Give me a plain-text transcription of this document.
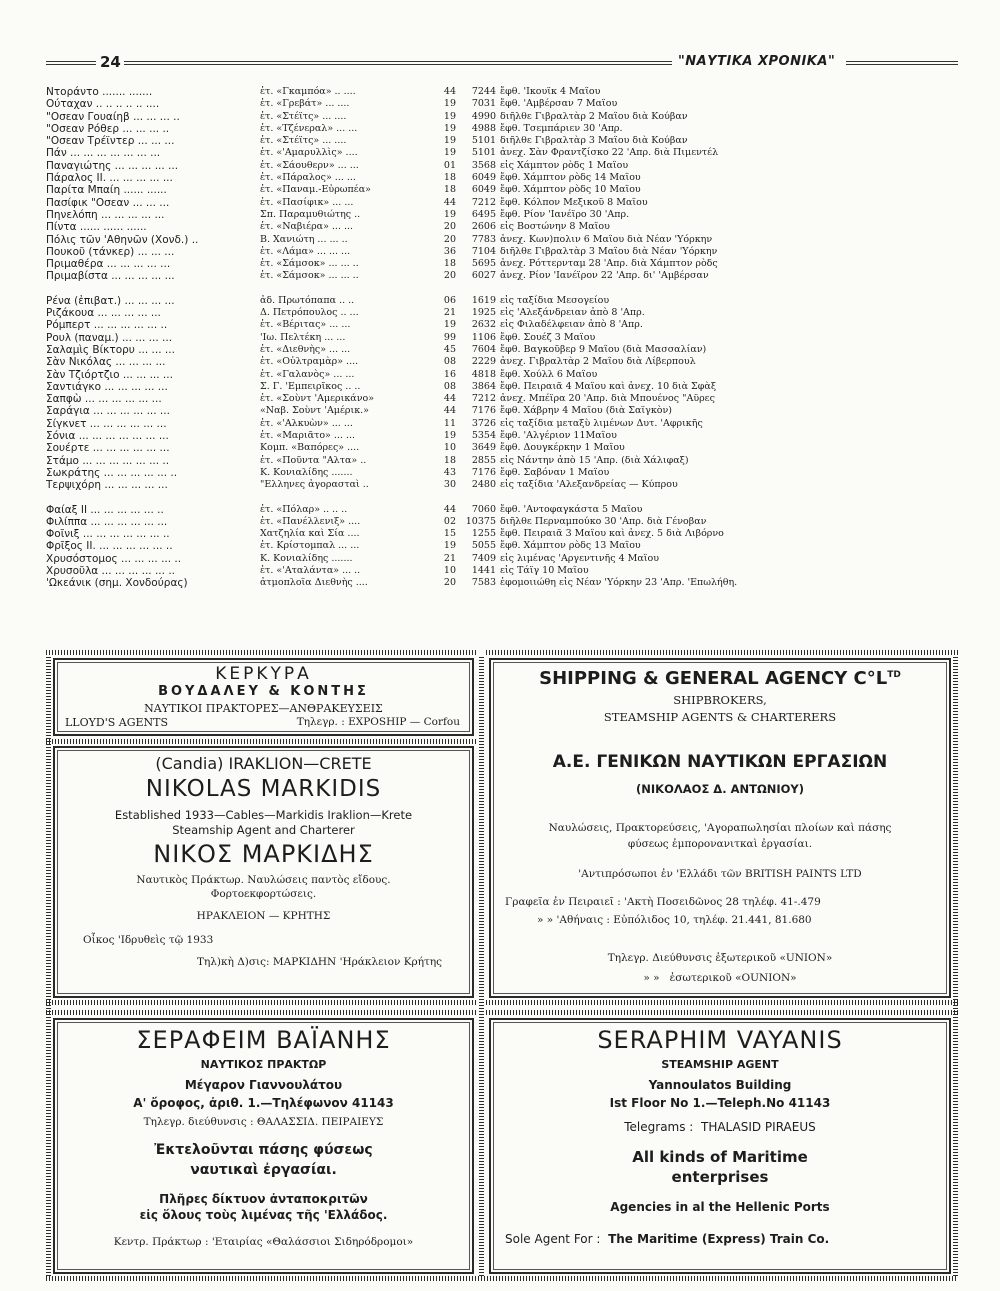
24	"ΝΑΥΤΙΚΑ ΧΡΟΝΙΚΑ"
Ντοράντο ....... .......	ἐτ. «Γκαμπόα» .. ....	44	7244 ἔφθ. 'Ικουϊκ 4 Μαΐου
Ούταχαν .. .. .. .. .. ....	ἐτ. «Γρεβάτ» ... ....	19	7031 ἔφθ. 'Αμβέρσαν 7 Μαΐου
"Οσεαν Γουαίηβ ... ... ... ..	ἐτ. «Στέϊτς» ... ....	19	4990 διῆλθε Γιβραλτὰρ 2 Μαΐου διὰ Κούβαν
"Οσεαν Ρόθερ ... ... ... ..	ἐτ. «Τζένεραλ» ... ...	19	4988 ἔφθ. Τσεμπάριεν 30 'Απρ.
"Οσεαν Τρέϊντερ ... ... ...	ἐτ. «Στέϊτς» ... ....	19	5101 διῆλθε Γιβραλτὰρ 3 Μαΐου διὰ Κούβαν
Πάν ... ... ... ... ... ... ...	ἐτ. «'Αμαρυλλὶς» ....	19	5101 ἀνεχ. Σὰν Φραντζίσκο 22 'Απρ. διὰ Πιμεντέλ
Παναγιώτης ... ... ... ... ...	ἐτ. «Σάουθερν» ... ...	01	3568 εἰς Χάμπτον ρὸδς 1 Μαΐου
Πάραλος ΙΙ. ... ... ... ... ...	ἐτ. «Πάραλος» ... ...	18	6049 ἔφθ. Χάμπτον ρὸδς 14 Μαΐου
Παρίτα Μπαίη ...... ......	ἐτ. «Παναμ.-Εὐρωπέα»	18	6049 ἔφθ. Χάμπτον ρὸδς 10 Μαΐου
Πασίφικ "Οσεαν ... ... ...	ἐτ. «Πασίφικ» ... ...	44	7212 ἔφθ. Κόλπον Μεξικοῦ 8 Μαΐου
Πηνελόπη ... ... ... ... ...	Σπ. Παραμυθιώτης ..	19	6495 ἔφθ. Ρίον 'Ιανέϊρο 30 'Απρ.
Πίντα ...... ...... ......	ἐτ. «Ναβιέρα» ... ...	20	2606 εἰς Βοστώνην 8 Μαΐου
Πόλις τῶν 'Αθηνῶν (Χονδ.) ..	Β. Χανιώτη ... ... ..	20	7783 ἀνεχ. Κων)πολιν 6 Μαΐου διὰ Νέαν 'Υόρκην
Πουκοῦ (τάνκερ) ... ... ...	ἐτ. «Λάμα» ... ... ...	36	7104 διῆλθε Γιβραλτὰρ 3 Μαΐου διὰ Νέαν 'Υόρκην
Πριμαθέρα ... ... ... ... ...	ἐτ. «Σάμσοκ» ... ... ..	18	5695 ἀνεχ. Ρόττερνταμ 28 'Απρ. διὰ Χάμπτον ρὸδς
Πριμαβίστα ... ... ... ... ...	ἐτ. «Σάμσοκ» ... ... ..	20	6027 ἀνεχ. Ρίον 'Ιανέϊρον 22 'Απρ. δι' 'Αμβέρσαν
Ρένα (ἐπιβατ.) ... ... ... ...	ἀδ. Πρωτόπαπα .. ..	06	1619 εἰς ταξίδια Μεσογείου
Ριζάκουα ... ... ... ... ...	Δ. Πετρόπουλος .. ...	21	1925 εἰς 'Αλεξάνδρειαν ἀπὸ 8 'Απρ.
Ρόμπερτ ... ... ... ... ... ..	ἐτ. «Βέριτας» ... ...	19	2632 εἰς Φιλαδέλφειαν ἀπὸ 8 'Απρ.
Ρουλ (παναμ.) ... ... ... ...	'Ιω. Πελτέκη ... ...	99	1106 ἔφθ. Σουέζ 3 Μαΐου
Σαλαμὶς Βίκτορυ ... ... ...	ἐτ. «Διεθνὴς» ... ...	45	7604 ἔφθ. Βαγκοῦβερ 9 Μαΐου (διὰ Μασσαλίαν)
Σὰν Νικόλας ... ... ... ...	ἐτ. «Οὐλτραμὰρ» ....	08	2229 ἀνεχ. Γιβραλτὰρ 2 Μαΐου διὰ Λίβερπουλ
Σὰν Τζιόρτζιο ... ... ... ...	ἐτ. «Γαλανὸς» ... ...	16	4818 ἔφθ. Χούλλ 6 Μαΐου
Σαντιάγκο ... ... ... ... ...	Σ. Γ. 'Εμπειρῖκος .. ..	08	3864 ἔφθ. Πειραιᾶ 4 Μαΐου καὶ ἀνεχ. 10 διὰ Σφὰξ
Σαπφὼ ... ... ... ... ... ...	ἐτ. «Σοὺντ 'Αμερικάνο»	44	7212 ἀνεχ. Μπέϊρα 20 'Απρ. διὰ Μπουένος "Αϋρες
Σαράγια ... ... ... ... ... ...	«Ναβ. Σοὺντ 'Αμέρικ.»	44	7176 ἔφθ. Χάβρην 4 Μαΐου (διὰ Σαϊγκὸν)
Σίγκνετ ... ... ... ... ... ...	ἐτ. «'Αλκυὼν» ... ...	11	3726 εἰς ταξίδια μεταξὺ λιμένων Δυτ. 'Αφρικῆς
Σόνια ... ... ... ... ... ... ...	ἐτ. «Μαριᾶτο» ... ...	19	5354 ἔφθ. 'Αλγέριον 11Μαΐου
Σουέρτε ... ... ... ... ... ...	Κομπ. «Βαπόρες» ....	10	3649 ἔφθ. Δουγκέρκην 1 Μαΐου
Στάμο ... ... ... ... ... ... ..	ἐτ. «Ποῦντα "Αλτα» ..	18	2855 εἰς Νάντην ἀπὸ 15 'Απρ. (διὰ Χάλιφαξ)
Σωκράτης ... ... ... ... ... ..	Κ. Κονιαλίδης .......	43	7176 ἔφθ. Σαβόναν 1 Μαΐου
Τερψιχόρη ... ... ... ... ...	"Ελληνες ἀγορασταὶ ..	30	2480 εἰς ταξίδια 'Αλεξανδρείας — Κύπρου
Φαίαξ ΙΙ ... ... ... ... ... ..	ἐτ. «Πόλαρ» .. .. ..	44	7060 ἔφθ. 'Αντοφαγκάστα 5 Μαΐου
Φιλίππα ... ... ... ... ... ...	ἐτ. «Πανέλλενιξ» ....	02	10375 διῆλθε Περναμπούκο 30 'Απρ. διὰ Γένοβαν
Φοῖνιξ ... ... ... ... ... ... ..	Χατζηλία καὶ Σία ....	15	1255 ἔφθ. Πειραιᾶ 3 Μαΐου καὶ ἀνεχ. 5 διὰ Λιβόρνο
Φρῖξος ΙΙ. ... ... ... ... ... ..	ἐτ. Κρίστομπαλ ... ...	19	5055 ἔφθ. Χάμπτον ρὸδς 13 Μαΐου
Χρυσόστομος ... ... ... ... ..	Κ. Κονιαλίδης .......	21	7409 εἰς λιμένας 'Αργεντινῆς 4 Μαΐου
Χρυσοῦλα ... ... ... ... ... ..	ἐτ. «'Αταλάντα» ... ..	10	1441 εἰς Τάϊγ 10 Μαΐου
'Ωκεάνικ (σημ. Χονδούρας)	ἀτμοπλοΐα Διεθνὴς ....	20	7583 ἐφομοιιώθη εἰς Νέαν 'Υόρκην 23 'Απρ. 'Επωλήθη.
ΚΕΡΚΥΡΑ
ΒΟΥΔΑΛΕΥ & ΚΟΝΤΗΣ
ΝΑΥΤΙΚΟΙ ΠΡΑΚΤΟΡΕΣ—ΑΝΘΡΑΚΕΥΣΕΙΣ
LLOYD'S AGENTS	Τηλεγρ. : EXPOSHIP — Corfou
(Candia) IRAKLION—CRETE
NIKOLAS MARKIDIS
Established 1933—Cables—Markidis Iraklion—Krete
Steamship Agent and Charterer
ΝΙΚΟΣ ΜΑΡΚΙΔΗΣ
Ναυτικὸς Πράκτωρ. Ναυλώσεις παντὸς εἴδους.
Φορτοεκφορτώσεις.
ΗΡΑΚΛΕΙΟΝ — ΚΡΗΤΗΣ
Οἶκος 'Ιδρυθεὶς τῷ 1933
Τηλ)κὴ Δ)σις: ΜΑΡΚΙΔΗΝ 'Ηράκλειον Κρήτης
SHIPPING & GENERAL AGENCY $C^\circ L^{TD}$
SHIPBROKERS,
STEAMSHIP AGENTS & CHARTERERS
Α.Ε. ΓΕΝΙΚΩΝ ΝΑΥΤΙΚΩΝ ΕΡΓΑΣΙΩΝ
(ΝΙΚΟΛΑΟΣ Δ. ΑΝΤΩΝΙΟΥ)
Ναυλώσεις, Πρακτορεύσεις, 'Αγοραπωλησίαι πλοίων καὶ πάσης
φύσεως ἐμπορονανιτκαὶ ἐργασίαι.
'Αντιπρόσωποι ἐν 'Ελλάδι τῶν BRITISH PAINTS LTD
Γραφεῖα ἐν Πειραιεῖ : 'Ακτὴ Ποσειδῶνος 28 τηλέφ. 41-.479
» » 'Αθήναις : Εὐπόλιδος 10, τηλέφ. 21.441, 81.680
Τηλεγρ. Διεύθυνσις ἐξωτερικοῦ «UNION»
» » ἐσωτερικοῦ «OUNION»
ΣΕΡΑΦΕΙΜ ΒΑΪΑΝΗΣ
ΝΑΥΤΙΚΟΣ ΠΡΑΚΤΩΡ
Μέγαρον Γιαννουλάτου
Α' ὄροφος, ἀριθ. 1.—Τηλέφωνον 41143
Τηλεγρ. διεύθυνσις : ΘΑΛΑΣΣΙΔ. ΠΕΙΡΑΙΕΥΣ
Ἐκτελοῦνται πάσης φύσεως
ναυτικαὶ ἐργασίαι.
Πλῆρες δίκτυον ἀνταποκριτῶν
εἰς ὅλους τοὺς λιμένας τῆς 'Ελλάδος.
Κεντρ. Πράκτωρ : 'Εταιρίας «Θαλάσσιοι Σιδηρόδρομοι»
SERAPHIM VAYANIS
STEAMSHIP AGENT
Yannoulatos Building
Ist Floor No 1.—Teleph.No 41143
Telegrams : THALASID PIRAEUS
All kinds of Maritime
enterprises
Agencies in al the Hellenic Ports
Sole Agent For : The Maritime (Express) Train Co.
